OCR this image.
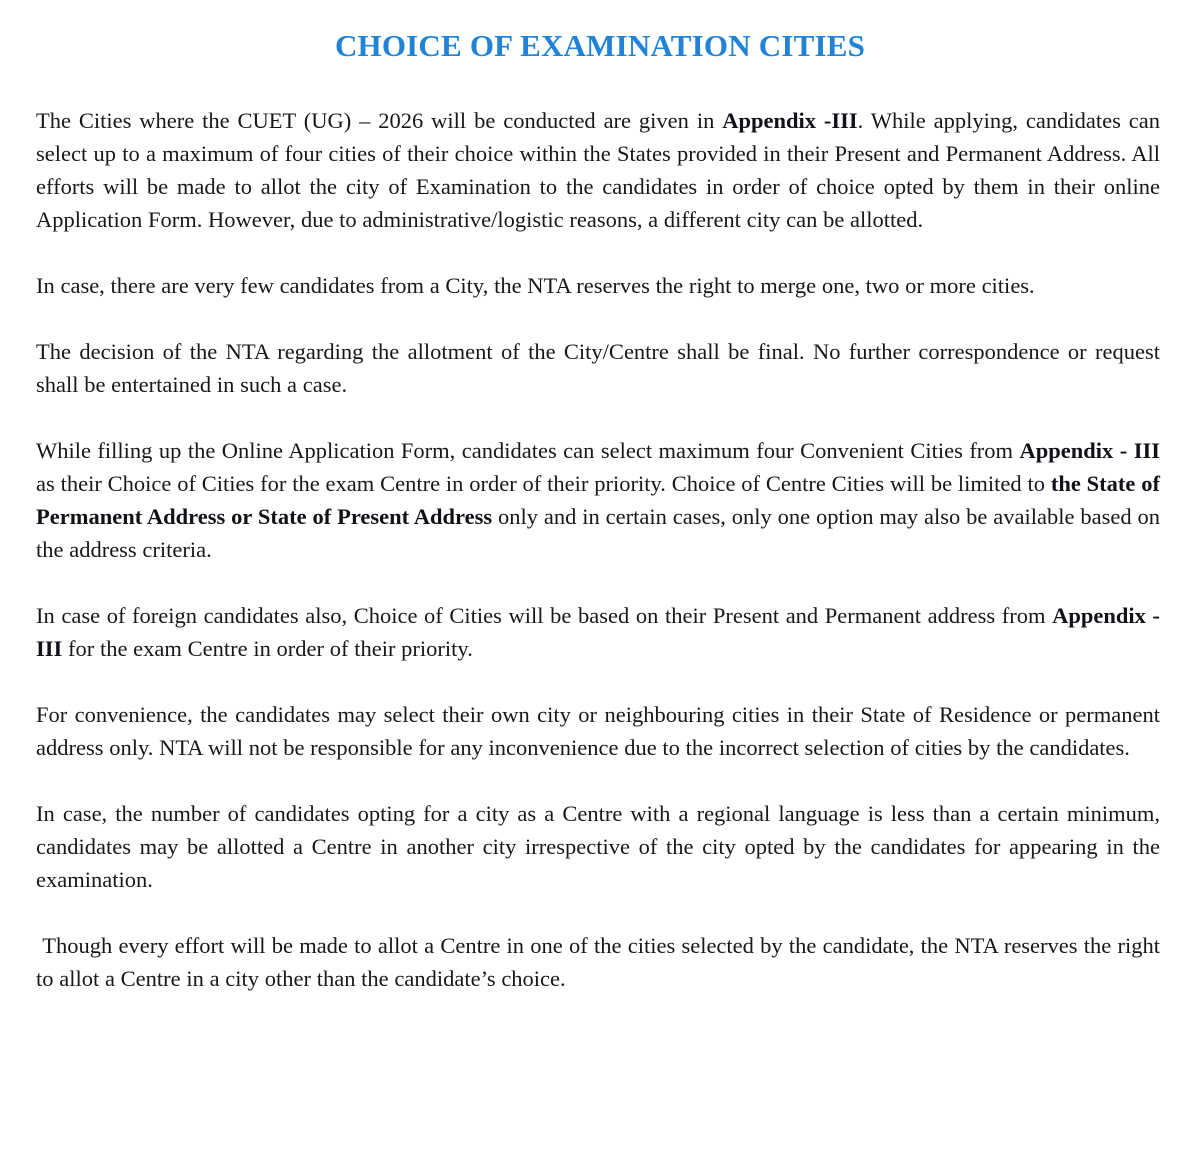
CHOICE OF EXAMINATION CITIES

The Cities where the CUET (UG) – 2026 will be conducted are given in Appendix -III. While applying, candidates can select up to a maximum of four cities of their choice within the States provided in their Present and Permanent Address. All efforts will be made to allot the city of Examination to the candidates in order of choice opted by them in their online Application Form. However, due to administrative/logistic reasons, a different city can be allotted.

In case, there are very few candidates from a City, the NTA reserves the right to merge one, two or more cities.

The decision of the NTA regarding the allotment of the City/Centre shall be final. No further correspondence or request shall be entertained in such a case.

While filling up the Online Application Form, candidates can select maximum four Convenient Cities from Appendix - III as their Choice of Cities for the exam Centre in order of their priority. Choice of Centre Cities will be limited to the State of Permanent Address or State of Present Address only and in certain cases, only one option may also be available based on the address criteria.

In case of foreign candidates also, Choice of Cities will be based on their Present and Permanent address from Appendix -III for the exam Centre in order of their priority.

For convenience, the candidates may select their own city or neighbouring cities in their State of Residence or permanent address only. NTA will not be responsible for any inconvenience due to the incorrect selection of cities by the candidates.

In case, the number of candidates opting for a city as a Centre with a regional language is less than a certain minimum, candidates may be allotted a Centre in another city irrespective of the city opted by the candidates for appearing in the examination.

Though every effort will be made to allot a Centre in one of the cities selected by the candidate, the NTA reserves the right to allot a Centre in a city other than the candidate’s choice.
